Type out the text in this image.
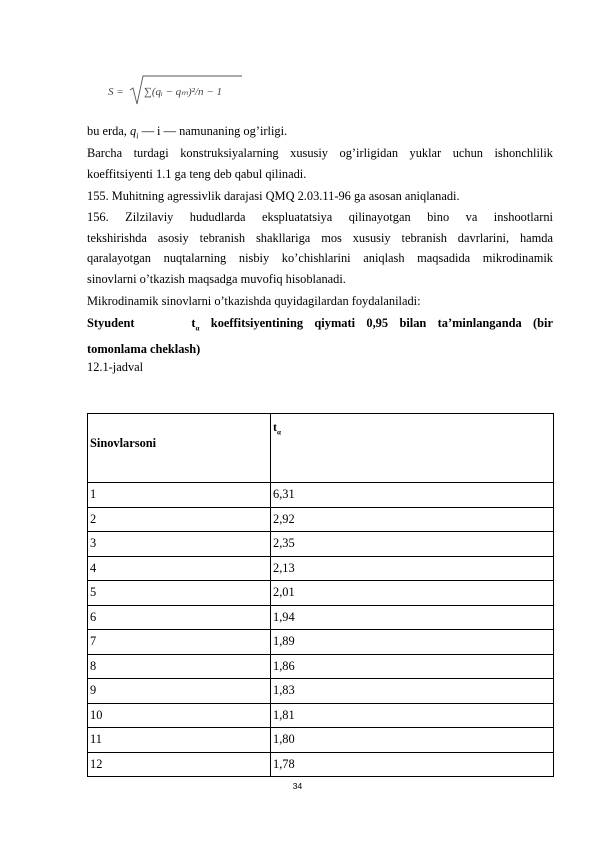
S = ∑(qᵢ − qₘ)²/n − 1

bu erda, $q_i$ — i — namunaning og’irligi.

Barcha turdagi konstruksiyalarning xususiy og’irligidan yuklar uchun ishonchlilik
koeffitsiyenti 1.1 ga teng deb qabul qilinadi.

155. Muhitning agressivlik darajasi QMQ 2.03.11-96 ga asosan aniqlanadi.

156. Zilzilaviy hududlarda ekspluatatsiya qilinayotgan bino va inshootlarni
tekshirishda asosiy tebranish shakllariga mos xususiy tebranish davrlarini, hamda
qaralayotgan nuqtalarning nisbiy ko’chishlarini aniqlash maqsadida mikrodinamik
sinovlarni o’tkazish maqsadga muvofiq hisoblanadi.

Mikrodinamik sinovlarni o’tkazishda quyidagilardan foydalaniladi:

Styudent	$t_\alpha$ koeffitsiyentining qiymati 0,95 bilan ta’minlanganda (bir
tomonlama cheklash)

12.1-jadval

Sinovlarsoni	$t_\alpha$

1	6,31
2	2,92
3	2,35
4	2,13
5	2,01
6	1,94
7	1,89
8	1,86
9	1,83
10	1,81
11	1,80
12	1,78
34
